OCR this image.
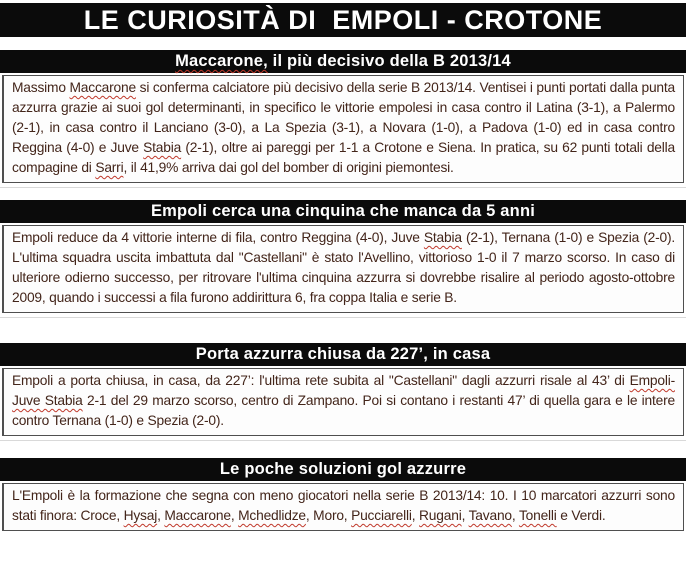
LE CURIOSITÀ DI  EMPOLI - CROTONE
Maccarone, il più decisivo della B 2013/14
Massimo Maccarone si conferma calciatore più decisivo della serie B 2013/14. Ventisei i punti portati dalla punta azzurra grazie ai suoi gol determinanti, in specifico le vittorie empolesi in casa contro il Latina (3-1), a Palermo (2-1), in casa contro il Lanciano (3-0), a La Spezia (3-1), a Novara (1-0), a Padova (1-0) ed in casa contro Reggina (4-0) e Juve Stabia (2-1), oltre ai pareggi per 1-1 a Crotone e Siena. In pratica, su 62 punti totali della compagine di Sarri, il 41,9% arriva dai gol del bomber di origini piemontesi.
Empoli cerca una cinquina che manca da 5 anni
Empoli reduce da 4 vittorie interne di fila, contro Reggina (4-0), Juve Stabia (2-1), Ternana (1-0) e Spezia (2-0). L'ultima squadra uscita imbattuta dal "Castellani" è stato l'Avellino, vittorioso 1-0 il 7 marzo scorso. In caso di ulteriore odierno successo, per ritrovare l'ultima cinquina azzurra si dovrebbe risalire al periodo agosto-ottobre 2009, quando i successi a fila furono addirittura 6, fra coppa Italia e serie B.
Porta azzurra chiusa da 227’, in casa
Empoli a porta chiusa, in casa, da 227’: l'ultima rete subita al "Castellani" dagli azzurri risale al 43’ di Empoli-Juve Stabia 2-1 del 29 marzo scorso, centro di Zampano. Poi si contano i restanti 47’ di quella gara e le intere contro Ternana (1-0) e Spezia (2-0).
Le poche soluzioni gol azzurre
L'Empoli è la formazione che segna con meno giocatori nella serie B 2013/14: 10. I 10 marcatori azzurri sono stati finora: Croce, Hysaj, Maccarone, Mchedlidze, Moro, Pucciarelli, Rugani, Tavano, Tonelli e Verdi.
